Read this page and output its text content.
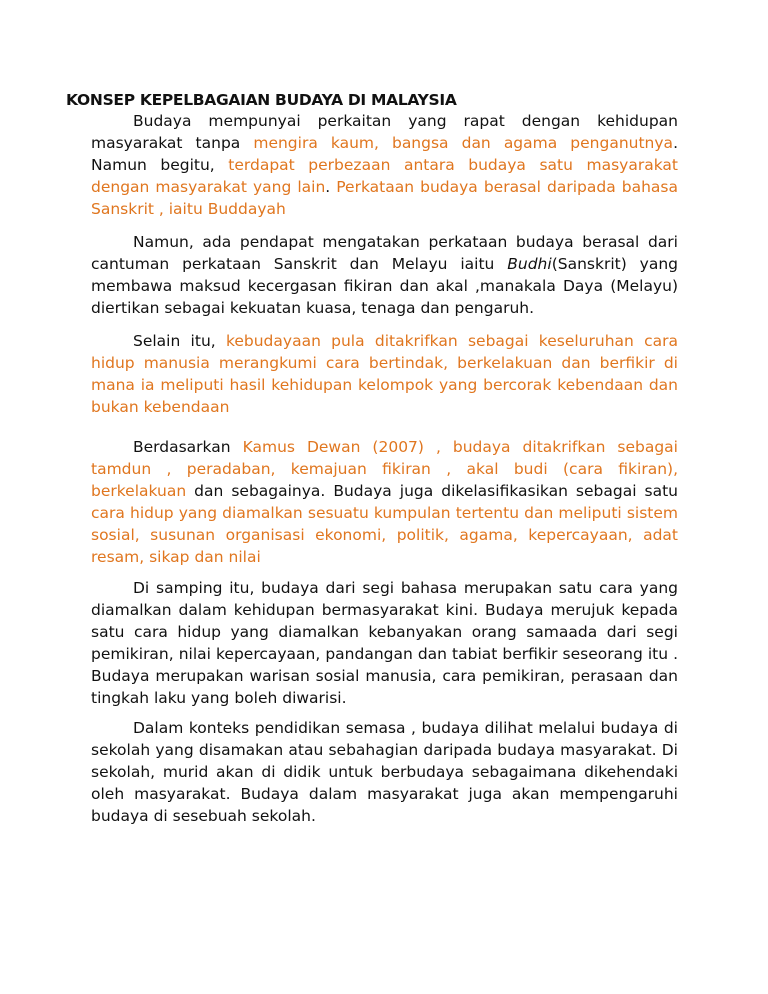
KONSEP KEPELBAGAIAN BUDAYA DI MALAYSIA

Budaya mempunyai perkaitan yang rapat dengan kehidupan masyarakat tanpa mengira kaum, bangsa dan agama penganutnya. Namun begitu, terdapat perbezaan antara budaya satu masyarakat dengan masyarakat yang lain. Perkataan budaya berasal daripada bahasa Sanskrit , iaitu Buddayah

Namun, ada pendapat mengatakan perkataan budaya berasal dari cantuman perkataan Sanskrit dan Melayu iaitu Budhi(Sanskrit) yang membawa maksud kecergasan fikiran dan akal ,manakala Daya (Melayu) diertikan sebagai kekuatan kuasa, tenaga dan pengaruh.

Selain itu, kebudayaan pula ditakrifkan sebagai keseluruhan cara hidup manusia merangkumi cara bertindak, berkelakuan dan berfikir di mana ia meliputi hasil kehidupan kelompok yang bercorak kebendaan dan bukan kebendaan

Berdasarkan Kamus Dewan (2007) , budaya ditakrifkan sebagai tamdun , peradaban, kemajuan fikiran , akal budi (cara fikiran), berkelakuan dan sebagainya. Budaya juga dikelasifikasikan sebagai satu cara hidup yang diamalkan sesuatu kumpulan tertentu dan meliputi sistem sosial, susunan organisasi ekonomi, politik, agama, kepercayaan, adat resam, sikap dan nilai

Di samping itu, budaya dari segi bahasa merupakan satu cara yang diamalkan dalam kehidupan bermasyarakat kini. Budaya merujuk kepada satu cara hidup yang diamalkan kebanyakan orang samaada dari segi pemikiran, nilai kepercayaan, pandangan dan tabiat berfikir seseorang itu . Budaya merupakan warisan sosial manusia, cara pemikiran, perasaan dan tingkah laku yang boleh diwarisi.

Dalam konteks pendidikan semasa , budaya dilihat melalui budaya di sekolah yang disamakan atau sebahagian daripada budaya masyarakat. Di sekolah, murid akan di didik untuk berbudaya sebagaimana dikehendaki oleh masyarakat. Budaya dalam masyarakat juga akan mempengaruhi budaya di sesebuah sekolah.
